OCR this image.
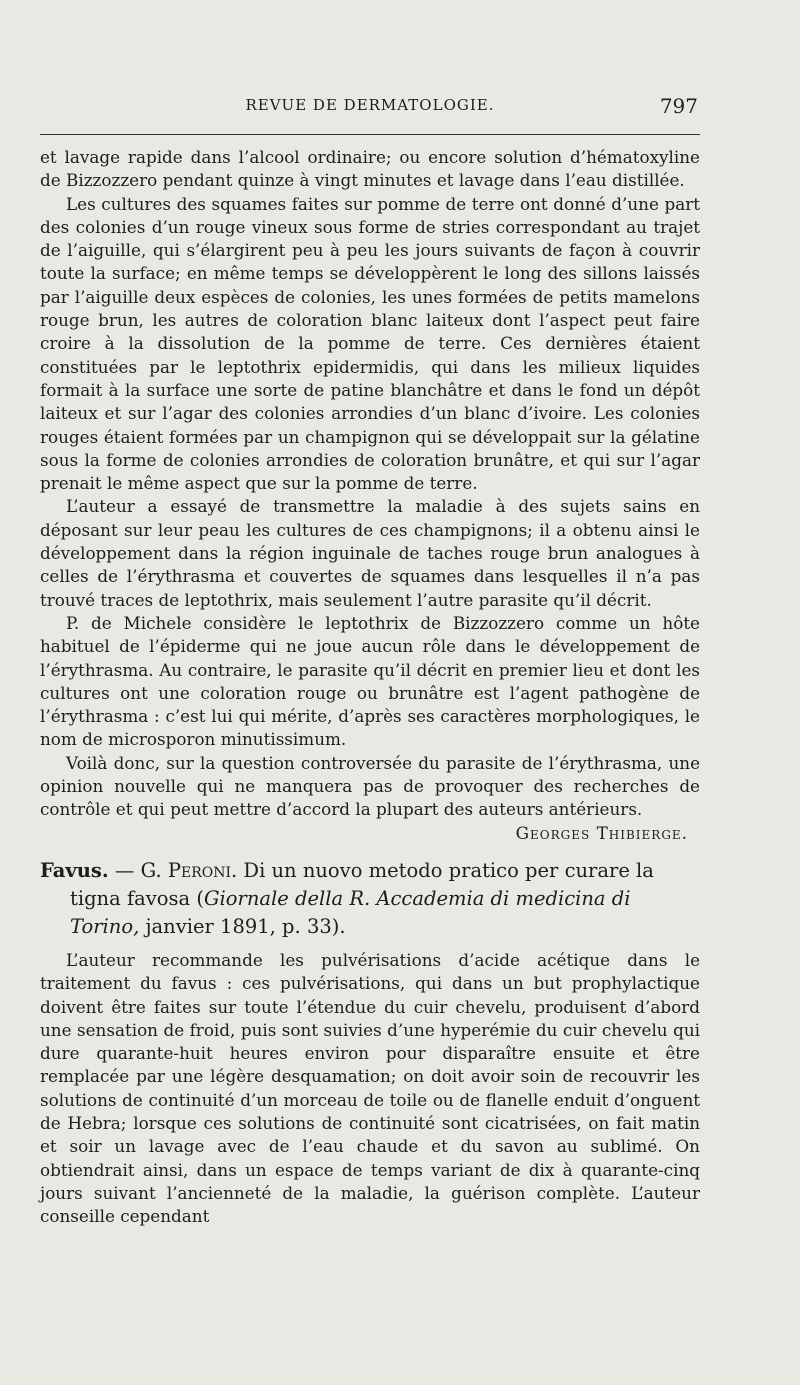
REVUE DE DERMATOLOGIE.	797

et lavage rapide dans l’alcool ordinaire; ou encore solution d’hématoxyline de Bizzozzero pendant quinze à vingt minutes et lavage dans l’eau distillée.

Les cultures des squames faites sur pomme de terre ont donné d’une part des colonies d’un rouge vineux sous forme de stries correspondant au trajet de l’aiguille, qui s’élargirent peu à peu les jours suivants de façon à couvrir toute la surface; en même temps se développèrent le long des sillons laissés par l’aiguille deux espèces de colonies, les unes formées de petits mamelons rouge brun, les autres de coloration blanc laiteux dont l’aspect peut faire croire à la dissolution de la pomme de terre. Ces dernières étaient constituées par le leptothrix epidermidis, qui dans les milieux liquides formait à la surface une sorte de patine blanchâtre et dans le fond un dépôt laiteux et sur l’agar des colonies arrondies d’un blanc d’ivoire. Les colonies rouges étaient formées par un champignon qui se développait sur la gélatine sous la forme de colonies arrondies de coloration brunâtre, et qui sur l’agar prenait le même aspect que sur la pomme de terre.

L’auteur a essayé de transmettre la maladie à des sujets sains en déposant sur leur peau les cultures de ces champignons; il a obtenu ainsi le développement dans la région inguinale de taches rouge brun analogues à celles de l’érythrasma et couvertes de squames dans lesquelles il n’a pas trouvé traces de leptothrix, mais seulement l’autre parasite qu’il décrit.

P. de Michele considère le leptothrix de Bizzozzero comme un hôte habituel de l’épiderme qui ne joue aucun rôle dans le développement de l’érythrasma. Au contraire, le parasite qu’il décrit en premier lieu et dont les cultures ont une coloration rouge ou brunâtre est l’agent pathogène de l’érythrasma : c’est lui qui mérite, d’après ses caractères morphologiques, le nom de microsporon minutissimum.

Voilà donc, sur la question controversée du parasite de l’érythrasma, une opinion nouvelle qui ne manquera pas de provoquer des recherches de contrôle et qui peut mettre d’accord la plupart des auteurs antérieurs.

Georges Thibierge.

Favus. — G. Peroni. Di un nuovo metodo pratico per curare la tigna favosa (Giornale della R. Accademia di medicina di Torino, janvier 1891, p. 33).

L’auteur recommande les pulvérisations d’acide acétique dans le traitement du favus : ces pulvérisations, qui dans un but prophylactique doivent être faites sur toute l’étendue du cuir chevelu, produisent d’abord une sensation de froid, puis sont suivies d’une hyperémie du cuir chevelu qui dure quarante-huit heures environ pour disparaître ensuite et être remplacée par une légère desquamation; on doit avoir soin de recouvrir les solutions de continuité d’un morceau de toile ou de flanelle enduit d’onguent de Hebra; lorsque ces solutions de continuité sont cicatrisées, on fait matin et soir un lavage avec de l’eau chaude et du savon au sublimé. On obtiendrait ainsi, dans un espace de temps variant de dix à quarante-cinq jours suivant l’ancienneté de la maladie, la guérison complète. L’auteur conseille cependant
